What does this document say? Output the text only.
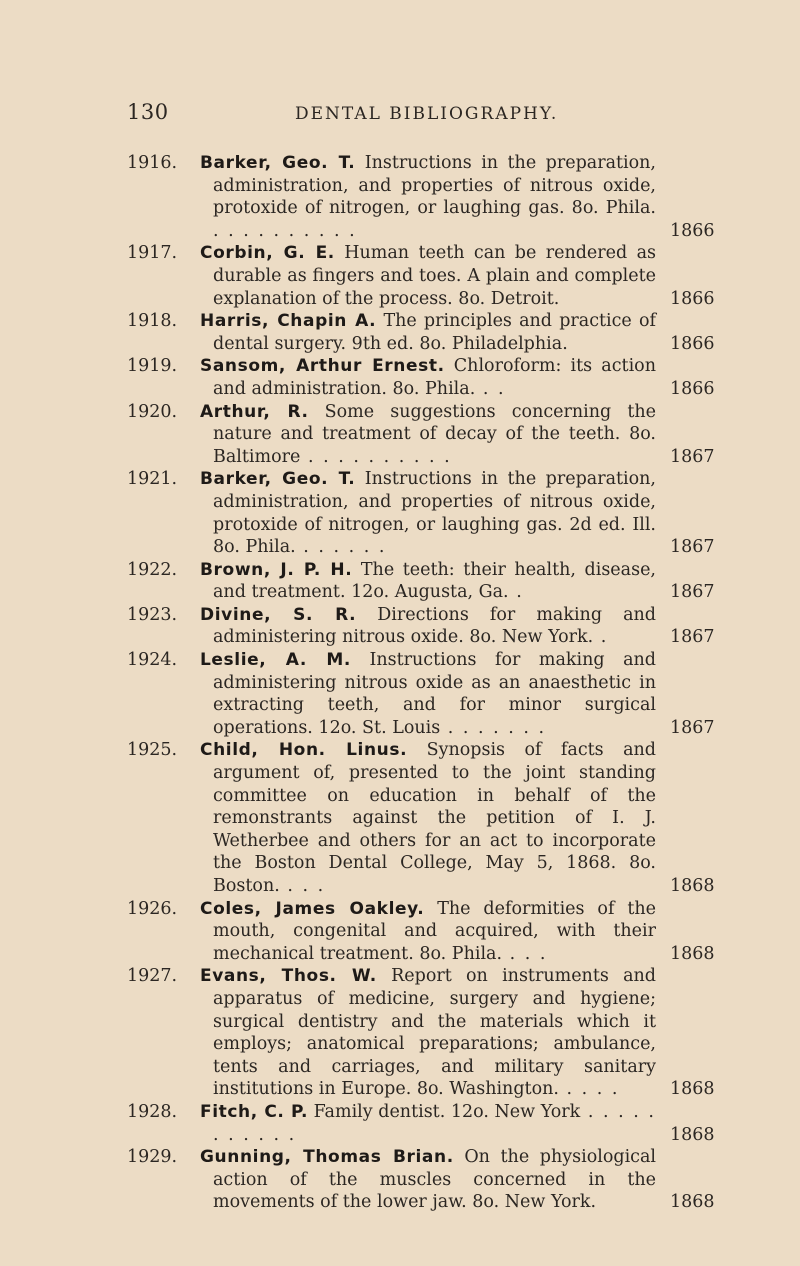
130	DENTAL BIBLIOGRAPHY.
1916. Barker, Geo. T. Instructions in the preparation, administration, and properties of nitrous oxide, protoxide of nitrogen, or laughing gas. 8o. Phila. . . . . . . . . . .	1866
1917. Corbin, G. E. Human teeth can be rendered as durable as fingers and toes. A plain and complete explanation of the process. 8o. Detroit.	1866
1918. Harris, Chapin A. The principles and practice of dental surgery. 9th ed. 8o. Philadelphia.	1866
1919. Sansom, Arthur Ernest. Chloroform: its action and administration. 8o. Phila. . .	1866
1920. Arthur, R. Some suggestions concerning the nature and treatment of decay of the teeth. 8o. Baltimore . . . . . . . . . .	1867
1921. Barker, Geo. T. Instructions in the preparation, administration, and properties of nitrous oxide, protoxide of nitrogen, or laughing gas. 2d ed. Ill. 8o. Phila. . . . . . .	1867
1922. Brown, J. P. H. The teeth: their health, disease, and treatment. 12o. Augusta, Ga. .	1867
1923. Divine, S. R. Directions for making and administering nitrous oxide. 8o. New York. .	1867
1924. Leslie, A. M. Instructions for making and administering nitrous oxide as an anaesthetic in extracting teeth, and for minor surgical operations. 12o. St. Louis . . . . . . .	1867
1925. Child, Hon. Linus. Synopsis of facts and argument of, presented to the joint standing committee on education in behalf of the remonstrants against the petition of I. J. Wetherbee and others for an act to incorporate the Boston Dental College, May 5, 1868. 8o. Boston. . . .	1868
1926. Coles, James Oakley. The deformities of the mouth, congenital and acquired, with their mechanical treatment. 8o. Phila. . . .	1868
1927. Evans, Thos. W. Report on instruments and apparatus of medicine, surgery and hygiene; surgical dentistry and the materials which it employs; anatomical preparations; ambulance, tents and carriages, and military sanitary institutions in Europe. 8o. Washington. . . . .	1868
1928. Fitch, C. P. Family dentist. 12o. New York . . . . . . . . . . .	1868
1929. Gunning, Thomas Brian. On the physiological action of the muscles concerned in the movements of the lower jaw. 8o. New York.	1868
